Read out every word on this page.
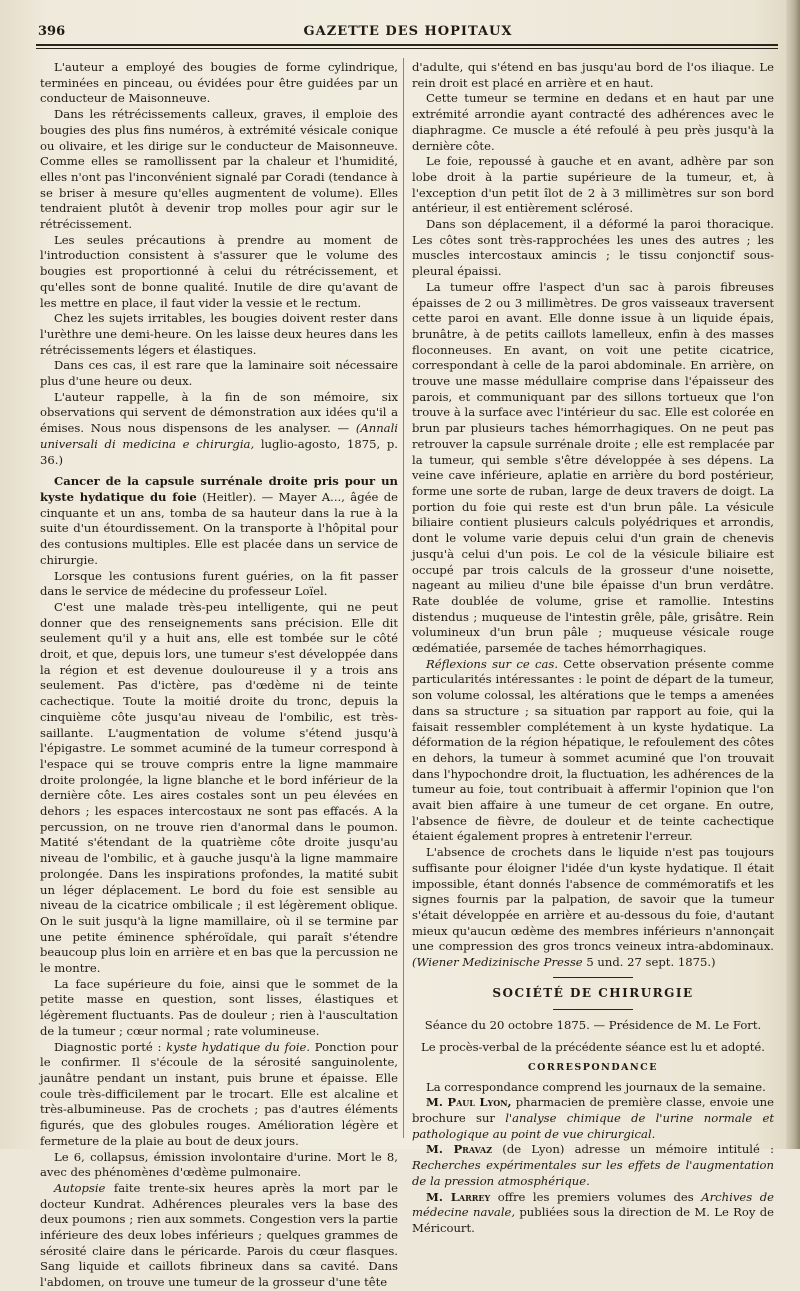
396	GAZETTE DES HOPITAUX

L'auteur a employé des bougies de forme cylindrique, terminées en pinceau, ou évidées pour être guidées par un conducteur de Maisonneuve.

Dans les rétrécissements calleux, graves, il emploie des bougies des plus fins numéros, à extrémité vésicale conique ou olivaire, et les dirige sur le conducteur de Maisonneuve. Comme elles se ramollissent par la chaleur et l'humidité, elles n'ont pas l'inconvénient signalé par Coradi (tendance à se briser à mesure qu'elles augmentent de volume). Elles tendraient plutôt à devenir trop molles pour agir sur le rétrécissement.

Les seules précautions à prendre au moment de l'introduction consistent à s'assurer que le volume des bougies est proportionné à celui du rétrécissement, et qu'elles sont de bonne qualité. Inutile de dire qu'avant de les mettre en place, il faut vider la vessie et le rectum.

Chez les sujets irritables, les bougies doivent rester dans l'urèthre une demi-heure. On les laisse deux heures dans les rétrécissements légers et élastiques.

Dans ces cas, il est rare que la laminaire soit nécessaire plus d'une heure ou deux.

L'auteur rappelle, à la fin de son mémoire, six observations qui servent de démonstration aux idées qu'il a émises. Nous nous dispensons de les analyser. — (Annali universali di medicina e chirurgia, luglio-agosto, 1875, p. 36.)

Cancer de la capsule surrénale droite pris pour un kyste hydatique du foie (Heitler). — Mayer A..., âgée de cinquante et un ans, tomba de sa hauteur dans la rue à la suite d'un étourdissement. On la transporte à l'hôpital pour des contusions multiples. Elle est placée dans un service de chirurgie.

Lorsque les contusions furent guéries, on la fit passer dans le service de médecine du professeur Loïel.

C'est une malade très-peu intelligente, qui ne peut donner que des renseignements sans précision. Elle dit seulement qu'il y a huit ans, elle est tombée sur le côté droit, et que, depuis lors, une tumeur s'est développée dans la région et est devenue douloureuse il y a trois ans seulement. Pas d'ictère, pas d'œdème ni de teinte cachectique. Toute la moitié droite du tronc, depuis la cinquième côte jusqu'au niveau de l'ombilic, est très-saillante. L'augmentation de volume s'étend jusqu'à l'épigastre. Le sommet acuminé de la tumeur correspond à l'espace qui se trouve compris entre la ligne mammaire droite prolongée, la ligne blanche et le bord inférieur de la dernière côte. Les aires costales sont un peu élevées en dehors ; les espaces intercostaux ne sont pas effacés. A la percussion, on ne trouve rien d'anormal dans le poumon. Matité s'étendant de la quatrième côte droite jusqu'au niveau de l'ombilic, et à gauche jusqu'à la ligne mammaire prolongée. Dans les inspirations profondes, la matité subit un léger déplacement. Le bord du foie est sensible au niveau de la cicatrice ombilicale ; il est légèrement oblique. On le suit jusqu'à la ligne mamillaire, où il se termine par une petite éminence sphéroïdale, qui paraît s'étendre beaucoup plus loin en arrière et en bas que la percussion ne le montre.

La face supérieure du foie, ainsi que le sommet de la petite masse en question, sont lisses, élastiques et légèrement fluctuants. Pas de douleur ; rien à l'auscultation de la tumeur ; cœur normal ; rate volumineuse.

Diagnostic porté : kyste hydatique du foie. Ponction pour le confirmer. Il s'écoule de la sérosité sanguinolente, jaunâtre pendant un instant, puis brune et épaisse. Elle coule très-difficilement par le trocart. Elle est alcaline et très-albumineuse. Pas de crochets ; pas d'autres éléments figurés, que des globules rouges. Amélioration légère et fermeture de la plaie au bout de deux jours.

Le 6, collapsus, émission involontaire d'urine. Mort le 8, avec des phénomènes d'œdème pulmonaire.

Autopsie faite trente-six heures après la mort par le docteur Kundrat. Adhérences pleurales vers la base des deux poumons ; rien aux sommets. Congestion vers la partie inférieure des deux lobes inférieurs ; quelques grammes de sérosité claire dans le péricarde. Parois du cœur flasques. Sang liquide et caillots fibrineux dans sa cavité. Dans l'abdomen, on trouve une tumeur de la grosseur d'une tête

d'adulte, qui s'étend en bas jusqu'au bord de l'os iliaque. Le rein droit est placé en arrière et en haut.

Cette tumeur se termine en dedans et en haut par une extrémité arrondie ayant contracté des adhérences avec le diaphragme. Ce muscle a été refoulé à peu près jusqu'à la dernière côte.

Le foie, repoussé à gauche et en avant, adhère par son lobe droit à la partie supérieure de la tumeur, et, à l'exception d'un petit îlot de 2 à 3 millimètres sur son bord antérieur, il est entièrement sclérosé.

Dans son déplacement, il a déformé la paroi thoracique. Les côtes sont très-rapprochées les unes des autres ; les muscles intercostaux amincis ; le tissu conjonctif sous-pleural épaissi.

La tumeur offre l'aspect d'un sac à parois fibreuses épaisses de 2 ou 3 millimètres. De gros vaisseaux traversent cette paroi en avant. Elle donne issue à un liquide épais, brunâtre, à de petits caillots lamelleux, enfin à des masses floconneuses. En avant, on voit une petite cicatrice, correspondant à celle de la paroi abdominale. En arrière, on trouve une masse médullaire comprise dans l'épaisseur des parois, et communiquant par des sillons tortueux que l'on trouve à la surface avec l'intérieur du sac. Elle est colorée en brun par plusieurs taches hémorrhagiques. On ne peut pas retrouver la capsule surrénale droite ; elle est remplacée par la tumeur, qui semble s'être développée à ses dépens. La veine cave inférieure, aplatie en arrière du bord postérieur, forme une sorte de ruban, large de deux travers de doigt. La portion du foie qui reste est d'un brun pâle. La vésicule biliaire contient plusieurs calculs polyédriques et arrondis, dont le volume varie depuis celui d'un grain de chenevis jusqu'à celui d'un pois. Le col de la vésicule biliaire est occupé par trois calculs de la grosseur d'une noisette, nageant au milieu d'une bile épaisse d'un brun verdâtre. Rate doublée de volume, grise et ramollie. Intestins distendus ; muqueuse de l'intestin grêle, pâle, grisâtre. Rein volumineux d'un brun pâle ; muqueuse vésicale rouge œdématiée, parsemée de taches hémorrhagiques.

Réflexions sur ce cas. Cette observation présente comme particularités intéressantes : le point de départ de la tumeur, son volume colossal, les altérations que le temps a amenées dans sa structure ; sa situation par rapport au foie, qui la faisait ressembler complétement à un kyste hydatique. La déformation de la région hépatique, le refoulement des côtes en dehors, la tumeur à sommet acuminé que l'on trouvait dans l'hypochondre droit, la fluctuation, les adhérences de la tumeur au foie, tout contribuait à affermir l'opinion que l'on avait bien affaire à une tumeur de cet organe. En outre, l'absence de fièvre, de douleur et de teinte cachectique étaient également propres à entretenir l'erreur.

L'absence de crochets dans le liquide n'est pas toujours suffisante pour éloigner l'idée d'un kyste hydatique. Il était impossible, étant donnés l'absence de commémoratifs et les signes fournis par la palpation, de savoir que la tumeur s'était développée en arrière et au-dessous du foie, d'autant mieux qu'aucun œdème des membres inférieurs n'annonçait une compression des gros troncs veineux intra-abdominaux. (Wiener Medizinische Presse 5 und. 27 sept. 1875.)

SOCIÉTÉ DE CHIRURGIE

Séance du 20 octobre 1875. — Présidence de M. Le Fort.

Le procès-verbal de la précédente séance est lu et adopté.

CORRESPONDANCE

La correspondance comprend les journaux de la semaine.

M. Paul Lyon, pharmacien de première classe, envoie une brochure sur l'analyse chimique de l'urine normale et pathologique au point de vue chirurgical.

M. Pravaz (de Lyon) adresse un mémoire intitulé : Recherches expérimentales sur les effets de l'augmentation de la pression atmosphérique.

M. Larrey offre les premiers volumes des Archives de médecine navale, publiées sous la direction de M. Le Roy de Méricourt.
